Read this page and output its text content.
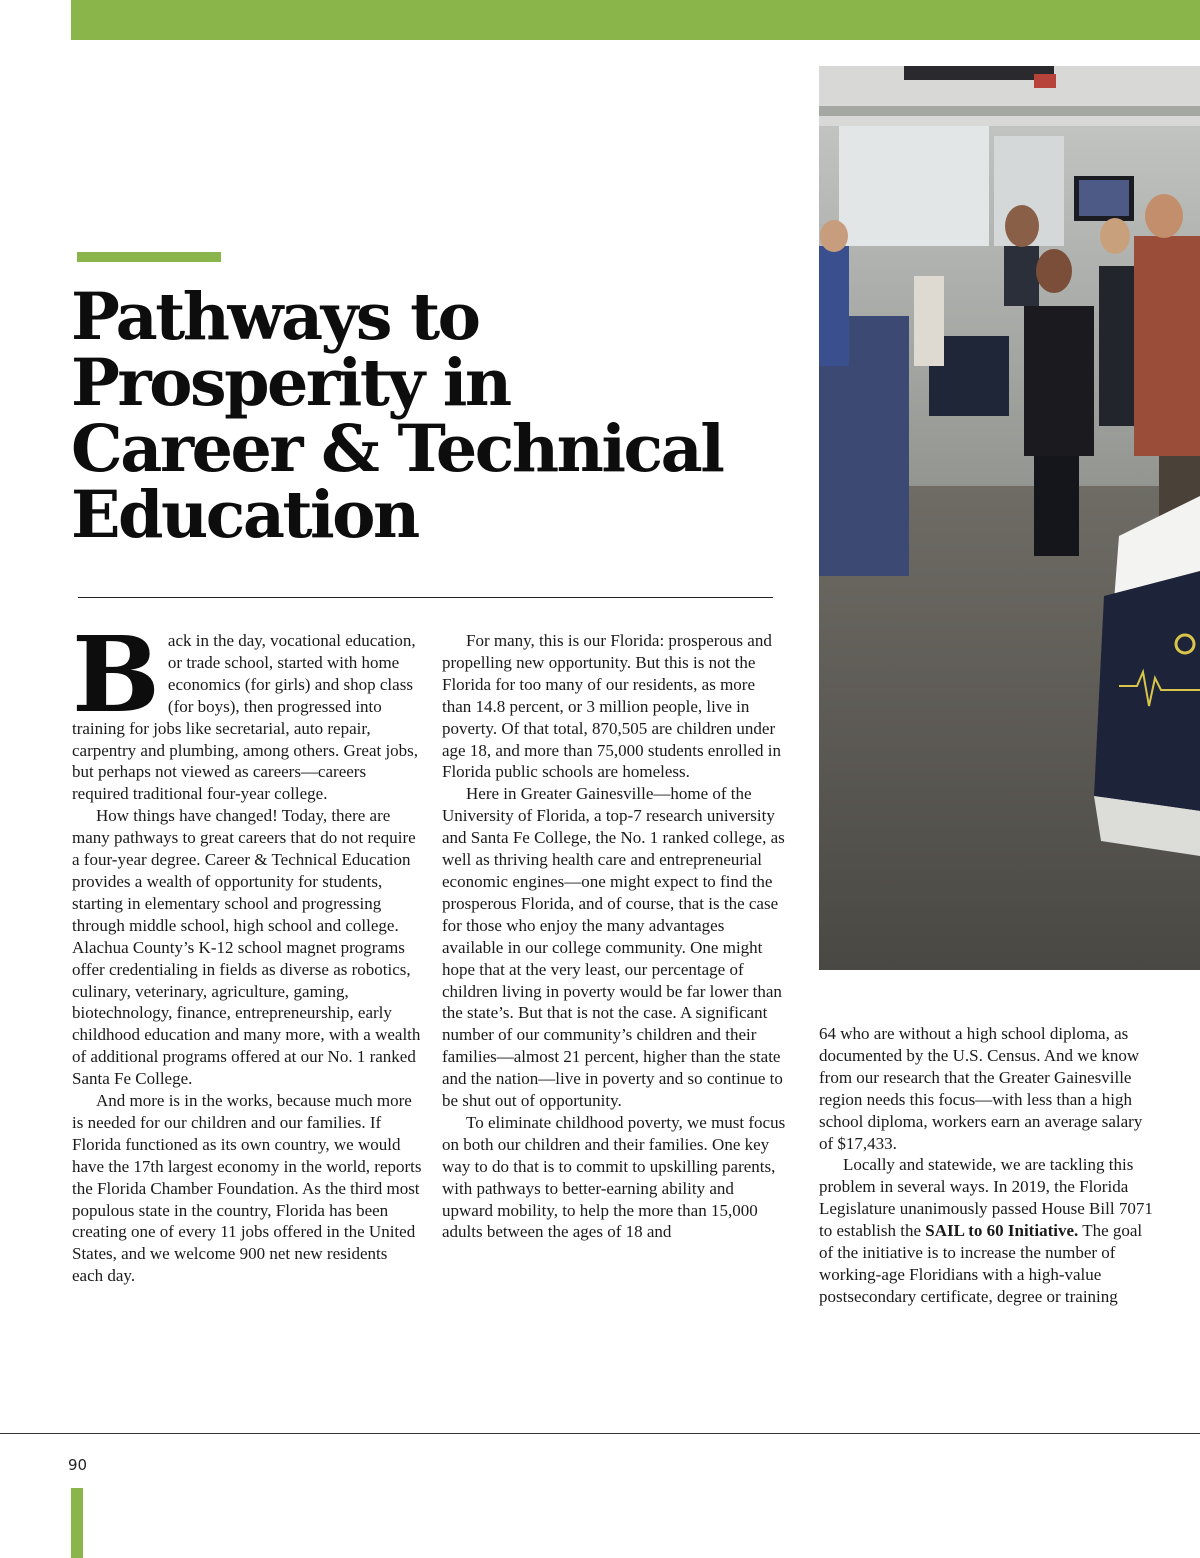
Pathways to
Prosperity in
Career & Technical
Education

Back in the day, vocational education, or trade school, started with home economics (for girls) and shop class (for boys), then progressed into training for jobs like secretarial, auto repair, carpentry and plumbing, among others. Great jobs, but perhaps not viewed as careers—careers required traditional four-year college.

How things have changed! Today, there are many pathways to great careers that do not require a four-year degree. Career & Technical Education provides a wealth of opportunity for students, starting in elementary school and progressing through middle school, high school and college. Alachua County’s K-12 school magnet programs offer credentialing in fields as diverse as robotics, culinary, veterinary, agriculture, gaming, biotechnology, finance, entrepreneurship, early childhood education and many more, with a wealth of additional programs offered at our No. 1 ranked Santa Fe College.

And more is in the works, because much more is needed for our children and our families. If Florida functioned as its own country, we would have the 17th largest economy in the world, reports the Florida Chamber Foundation. As the third most populous state in the country, Florida has been creating one of every 11 jobs offered in the United States, and we welcome 900 net new residents each day.

For many, this is our Florida: prosperous and propelling new opportunity. But this is not the Florida for too many of our residents, as more than 14.8 percent, or 3 million people, live in poverty. Of that total, 870,505 are children under age 18, and more than 75,000 students enrolled in Florida public schools are homeless.

Here in Greater Gainesville—home of the University of Florida, a top-7 research university and Santa Fe College, the No. 1 ranked college, as well as thriving health care and entrepreneurial economic engines—one might expect to find the prosperous Florida, and of course, that is the case for those who enjoy the many advantages available in our college community. One might hope that at the very least, our percentage of children living in poverty would be far lower than the state’s. But that is not the case. A significant number of our community’s children and their families—almost 21 percent, higher than the state and the nation—live in poverty and so continue to be shut out of opportunity.

To eliminate childhood poverty, we must focus on both our children and their families. One key way to do that is to commit to upskilling parents, with pathways to better-earning ability and upward mobility, to help the more than 15,000 adults between the ages of 18 and

64 who are without a high school diploma, as documented by the U.S. Census. And we know from our research that the Greater Gainesville region needs this focus—with less than a high school diploma, workers earn an average salary of $17,433.

Locally and statewide, we are tackling this problem in several ways. In 2019, the Florida Legislature unanimously passed House Bill 7071 to establish the SAIL to 60 Initiative. The goal of the initiative is to increase the number of working-age Floridians with a high-value postsecondary certificate, degree or training

90
